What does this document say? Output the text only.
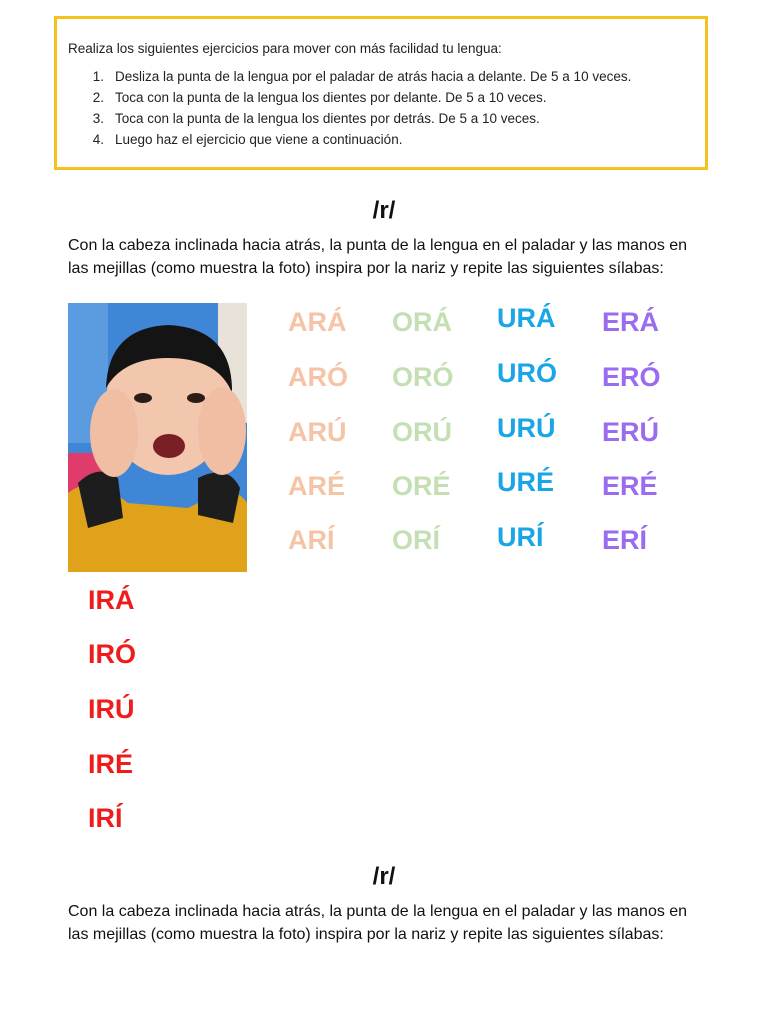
Realiza los siguientes ejercicios para mover con más facilidad tu lengua:
1. Desliza la punta de la lengua por el paladar de atrás hacia a delante. De 5 a 10 veces.
2. Toca con la punta de la lengua los dientes por delante. De 5 a 10 veces.
3. Toca con la punta de la lengua los dientes por detrás. De 5 a 10 veces.
4. Luego haz el ejercicio que viene a continuación.
/r/
Con la cabeza inclinada hacia atrás, la punta de la lengua en el paladar y las manos en las mejillas (como muestra la foto) inspira por la nariz y repite las siguientes sílabas:
ARÁ
ARÓ
ARÚ
ARÉ
ARÍ
ORÁ
ORÓ
ORÚ
ORÉ
ORÍ
URÁ
URÓ
URÚ
URÉ
URÍ
ERÁ
ERÓ
ERÚ
ERÉ
ERÍ
IRÁ
IRÓ
IRÚ
IRÉ
IRÍ
/r/
Con la cabeza inclinada hacia atrás, la punta de la lengua en el paladar y las manos en las mejillas (como muestra la foto) inspira por la nariz y repite las siguientes sílabas:
